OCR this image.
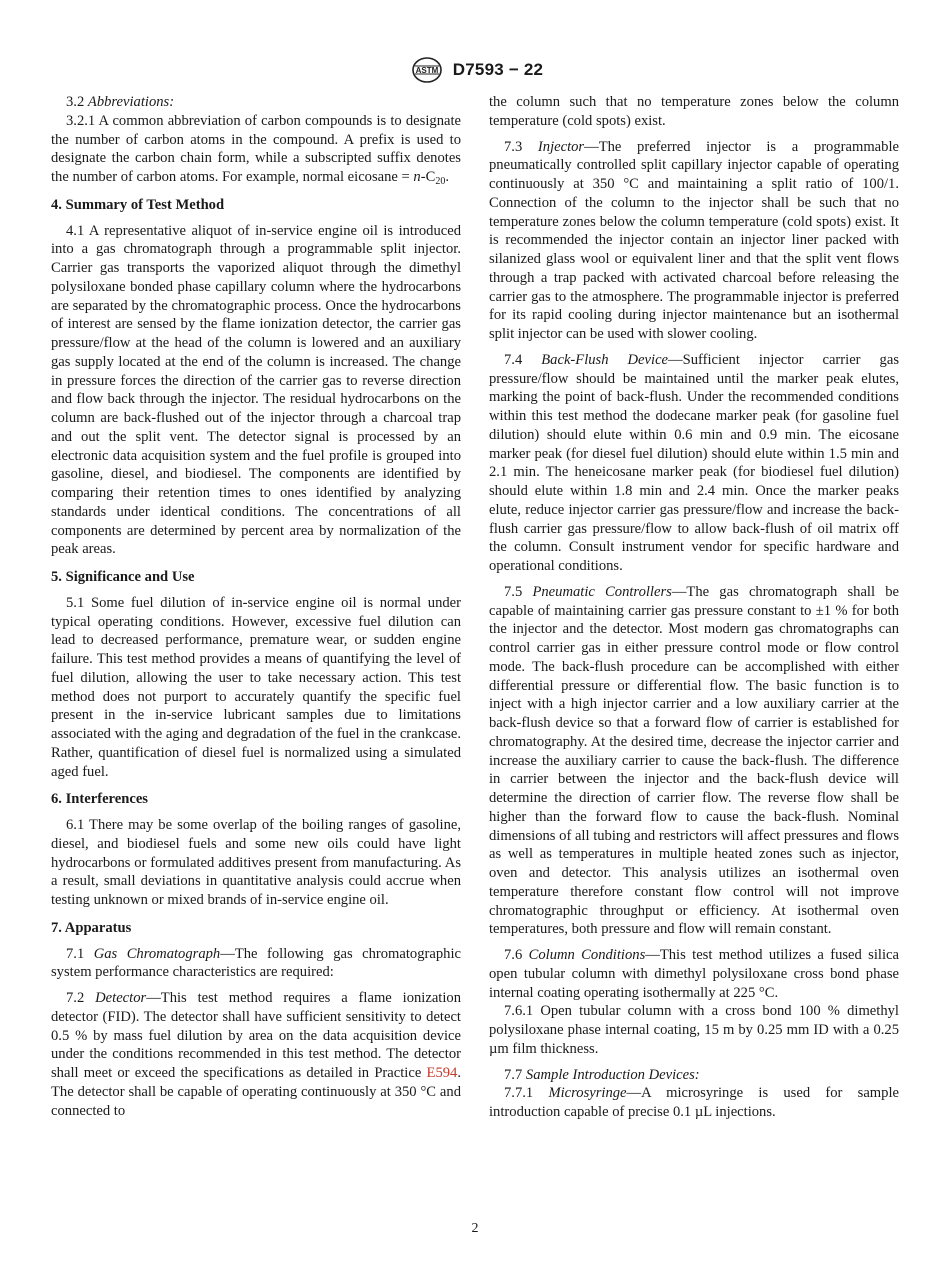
ASTM D7593 − 22

3.2 Abbreviations:

3.2.1 A common abbreviation of carbon compounds is to designate the number of carbon atoms in the compound. A prefix is used to designate the carbon chain form, while a subscripted suffix denotes the number of carbon atoms. For example, normal eicosane = $n-C_{20}$.

4. Summary of Test Method

4.1 A representative aliquot of in-service engine oil is introduced into a gas chromatograph through a programmable split injector. Carrier gas transports the vaporized aliquot through the dimethyl polysiloxane bonded phase capillary column where the hydrocarbons are separated by the chromatographic process. Once the hydrocarbons of interest are sensed by the flame ionization detector, the carrier gas pressure/flow at the head of the column is lowered and an auxiliary gas supply located at the end of the column is increased. The change in pressure forces the direction of the carrier gas to reverse direction and flow back through the injector. The residual hydrocarbons on the column are back-flushed out of the injector through a charcoal trap and out the split vent. The detector signal is processed by an electronic data acquisition system and the fuel profile is grouped into gasoline, diesel, and biodiesel. The components are identified by comparing their retention times to ones identified by analyzing standards under identical conditions. The concentrations of all components are determined by percent area by normalization of the peak areas.

5. Significance and Use

5.1 Some fuel dilution of in-service engine oil is normal under typical operating conditions. However, excessive fuel dilution can lead to decreased performance, premature wear, or sudden engine failure. This test method provides a means of quantifying the level of fuel dilution, allowing the user to take necessary action. This test method does not purport to accurately quantify the specific fuel present in the in-service lubricant samples due to limitations associated with the aging and degradation of the fuel in the crankcase. Rather, quantification of diesel fuel is normalized using a simulated aged fuel.

6. Interferences

6.1 There may be some overlap of the boiling ranges of gasoline, diesel, and biodiesel fuels and some new oils could have light hydrocarbons or formulated additives present from manufacturing. As a result, small deviations in quantitative analysis could accrue when testing unknown or mixed brands of in-service engine oil.

7. Apparatus

7.1 Gas Chromatograph—The following gas chromatographic system performance characteristics are required:

7.2 Detector—This test method requires a flame ionization detector (FID). The detector shall have sufficient sensitivity to detect 0.5 % by mass fuel dilution by area on the data acquisition device under the conditions recommended in this test method. The detector shall meet or exceed the specifications as detailed in Practice E594. The detector shall be capable of operating continuously at 350 °C and connected to

the column such that no temperature zones below the column temperature (cold spots) exist.

7.3 Injector—The preferred injector is a programmable pneumatically controlled split capillary injector capable of operating continuously at 350 °C and maintaining a split ratio of 100/1. Connection of the column to the injector shall be such that no temperature zones below the column temperature (cold spots) exist. It is recommended the injector contain an injector liner packed with silanized glass wool or equivalent liner and that the split vent flows through a trap packed with activated charcoal before releasing the carrier gas to the atmosphere. The programmable injector is preferred for its rapid cooling during injector maintenance but an isothermal split injector can be used with slower cooling.

7.4 Back-Flush Device—Sufficient injector carrier gas pressure/flow should be maintained until the marker peak elutes, marking the point of back-flush. Under the recommended conditions within this test method the dodecane marker peak (for gasoline fuel dilution) should elute within 0.6 min and 0.9 min. The eicosane marker peak (for diesel fuel dilution) should elute within 1.5 min and 2.1 min. The heneicosane marker peak (for biodiesel fuel dilution) should elute within 1.8 min and 2.4 min. Once the marker peaks elute, reduce injector carrier gas pressure/flow and increase the back-flush carrier gas pressure/flow to allow back-flush of oil matrix off the column. Consult instrument vendor for specific hardware and operational conditions.

7.5 Pneumatic Controllers—The gas chromatograph shall be capable of maintaining carrier gas pressure constant to ±1 % for both the injector and the detector. Most modern gas chromatographs can control carrier gas in either pressure control mode or flow control mode. The back-flush procedure can be accomplished with either differential pressure or differential flow. The basic function is to inject with a high injector carrier and a low auxiliary carrier at the back-flush device so that a forward flow of carrier is established for chromatography. At the desired time, decrease the injector carrier and increase the auxiliary carrier to cause the back-flush. The difference in carrier between the injector and the back-flush device will determine the direction of carrier flow. The reverse flow shall be higher than the forward flow to cause the back-flush. Nominal dimensions of all tubing and restrictors will affect pressures and flows as well as temperatures in multiple heated zones such as injector, oven and detector. This analysis utilizes an isothermal oven temperature therefore constant flow control will not improve chromatographic throughput or efficiency. At isothermal oven temperatures, both pressure and flow will remain constant.

7.6 Column Conditions—This test method utilizes a fused silica open tubular column with dimethyl polysiloxane cross bond phase internal coating operating isothermally at 225 °C.

7.6.1 Open tubular column with a cross bond 100 % dimethyl polysiloxane phase internal coating, 15 m by 0.25 mm ID with a 0.25 µm film thickness.

7.7 Sample Introduction Devices:

7.7.1 Microsyringe—A microsyringe is used for sample introduction capable of precise 0.1 µL injections.

2
